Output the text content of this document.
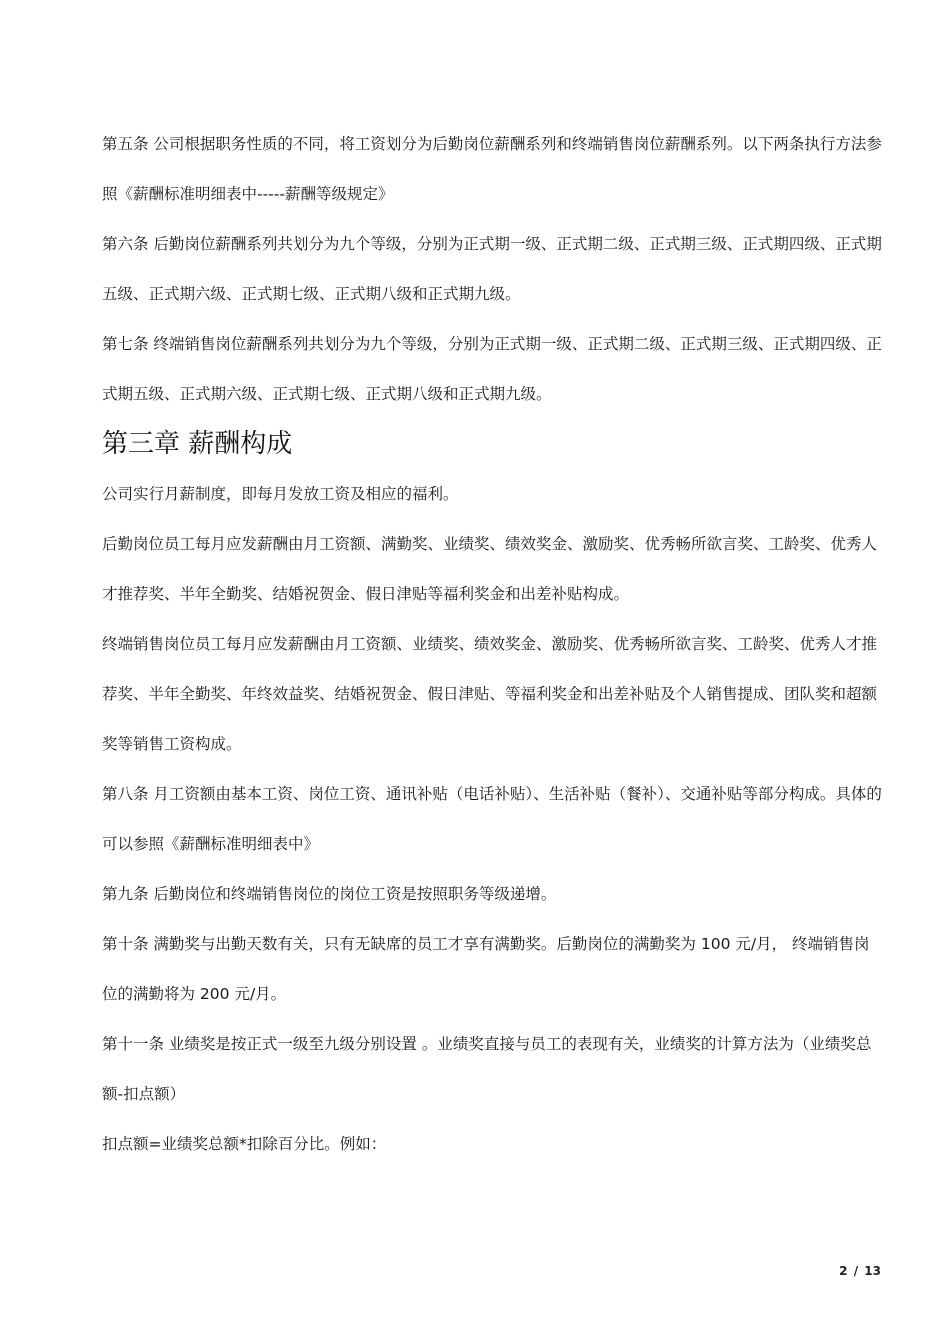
第五条 公司根据职务性质的不同，将工资划分为后勤岗位薪酬系列和终端销售岗位薪酬系列。以下两条执行方法参照《薪酬标准明细表中-----薪酬等级规定》

第六条 后勤岗位薪酬系列共划分为九个等级，分别为正式期一级、正式期二级、正式期三级、正式期四级、正式期五级、正式期六级、正式期七级、正式期八级和正式期九级。

第七条 终端销售岗位薪酬系列共划分为九个等级，分别为正式期一级、正式期二级、正式期三级、正式期四级、正式期五级、正式期六级、正式期七级、正式期八级和正式期九级。

第三章 薪酬构成

公司实行月薪制度，即每月发放工资及相应的福利。

后勤岗位员工每月应发薪酬由月工资额、满勤奖、业绩奖、绩效奖金、激励奖、优秀畅所欲言奖、工龄奖、优秀人才推荐奖、半年全勤奖、结婚祝贺金、假日津贴等福利奖金和出差补贴构成。

终端销售岗位员工每月应发薪酬由月工资额、业绩奖、绩效奖金、激励奖、优秀畅所欲言奖、工龄奖、优秀人才推荐奖、半年全勤奖、年终效益奖、结婚祝贺金、假日津贴、等福利奖金和出差补贴及个人销售提成、团队奖和超额奖等销售工资构成。

第八条 月工资额由基本工资、岗位工资、通讯补贴（电话补贴）、生活补贴（餐补）、交通补贴等部分构成。具体的可以参照《薪酬标准明细表中》

第九条 后勤岗位和终端销售岗位的岗位工资是按照职务等级递增。

第十条 满勤奖与出勤天数有关，只有无缺席的员工才享有满勤奖。后勤岗位的满勤奖为 100 元/月， 终端销售岗位的满勤将为 200 元/月。

第十一条 业绩奖是按正式一级至九级分别设置 。业绩奖直接与员工的表现有关，业绩奖的计算方法为（业绩奖总额-扣点额）

扣点额=业绩奖总额*扣除百分比。例如：

2 / 13
